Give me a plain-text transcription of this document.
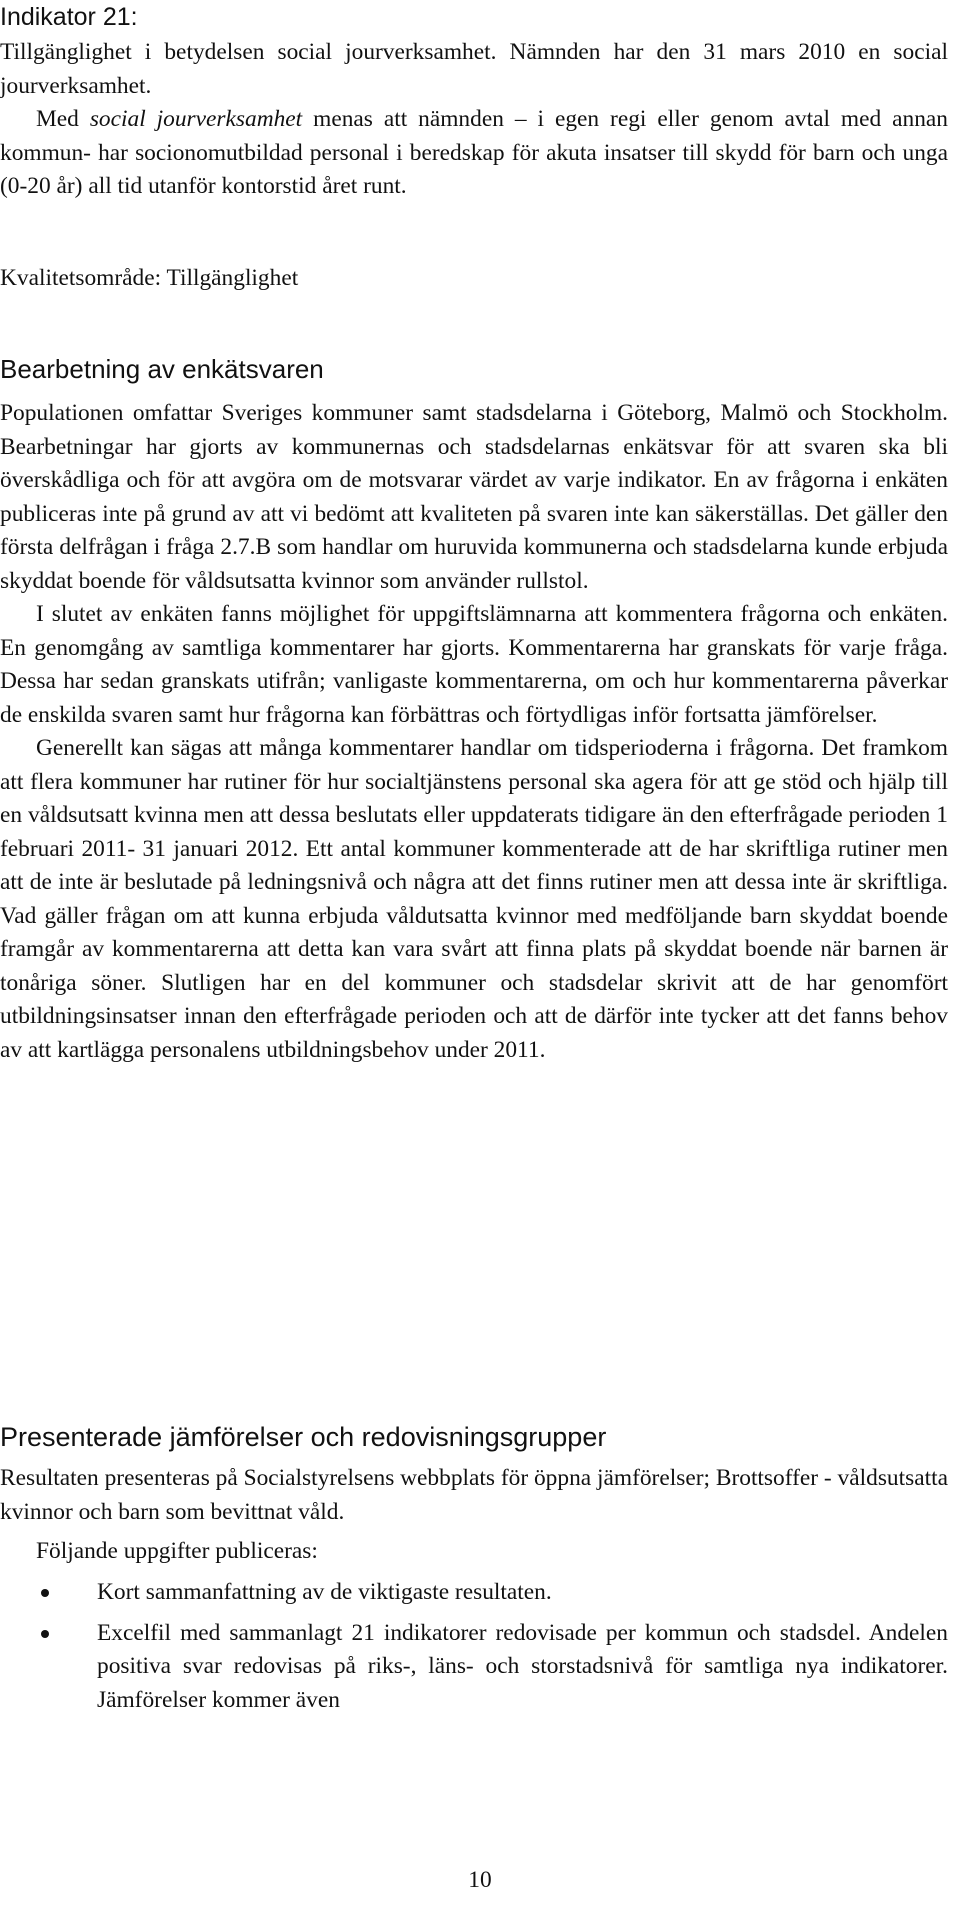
Indikator 21:

Tillgänglighet i betydelsen social jourverksamhet. Nämnden har den 31 mars 2010 en social jourverksamhet.

Med social jourverksamhet menas att nämnden – i egen regi eller genom avtal med annan kommun- har socionomutbildad personal i beredskap för akuta insatser till skydd för barn och unga (0-20 år) all tid utanför kontorstid året runt.

Kvalitetsområde: Tillgänglighet
Bearbetning av enkätsvaren

Populationen omfattar Sveriges kommuner samt stadsdelarna i Göteborg, Malmö och Stockholm. Bearbetningar har gjorts av kommunernas och stadsdelarnas enkätsvar för att svaren ska bli överskådliga och för att avgöra om de motsvarar värdet av varje indikator. En av frågorna i enkäten publiceras inte på grund av att vi bedömt att kvaliteten på svaren inte kan säkerställas. Det gäller den första delfrågan i fråga 2.7.B som handlar om huruvida kommunerna och stadsdelarna kunde erbjuda skyddat boende för våldsutsatta kvinnor som använder rullstol.

I slutet av enkäten fanns möjlighet för uppgiftslämnarna att kommentera frågorna och enkäten. En genomgång av samtliga kommentarer har gjorts. Kommentarerna har granskats för varje fråga. Dessa har sedan granskats utifrån; vanligaste kommentarerna, om och hur kommentarerna påverkar de enskilda svaren samt hur frågorna kan förbättras och förtydligas inför fortsatta jämförelser.

Generellt kan sägas att många kommentarer handlar om tidsperioderna i frågorna. Det framkom att flera kommuner har rutiner för hur socialtjänstens personal ska agera för att ge stöd och hjälp till en våldsutsatt kvinna men att dessa beslutats eller uppdaterats tidigare än den efterfrågade perioden 1 februari 2011- 31 januari 2012. Ett antal kommuner kommenterade att de har skriftliga rutiner men att de inte är beslutade på ledningsnivå och några att det finns rutiner men att dessa inte är skriftliga. Vad gäller frågan om att kunna erbjuda våldutsatta kvinnor med medföljande barn skyddat boende framgår av kommentarerna att detta kan vara svårt att finna plats på skyddat boende när barnen är tonåriga söner. Slutligen har en del kommuner och stadsdelar skrivit att de har genomfört utbildningsinsatser innan den efterfrågade perioden och att de därför inte tycker att det fanns behov av att kartlägga personalens utbildningsbehov under 2011.

Presenterade jämförelser och redovisningsgrupper
Resultaten presenteras på Socialstyrelsens webbplats för öppna jämförelser; Brottsoffer - våldsutsatta kvinnor och barn som bevittnat våld.
Följande uppgifter publiceras:
Kort sammanfattning av de viktigaste resultaten.
Excelfil med sammanlagt 21 indikatorer redovisade per kommun och stadsdel. Andelen positiva svar redovisas på riks-, läns- och storstadsnivå för samtliga nya indikatorer. Jämförelser kommer även
10
